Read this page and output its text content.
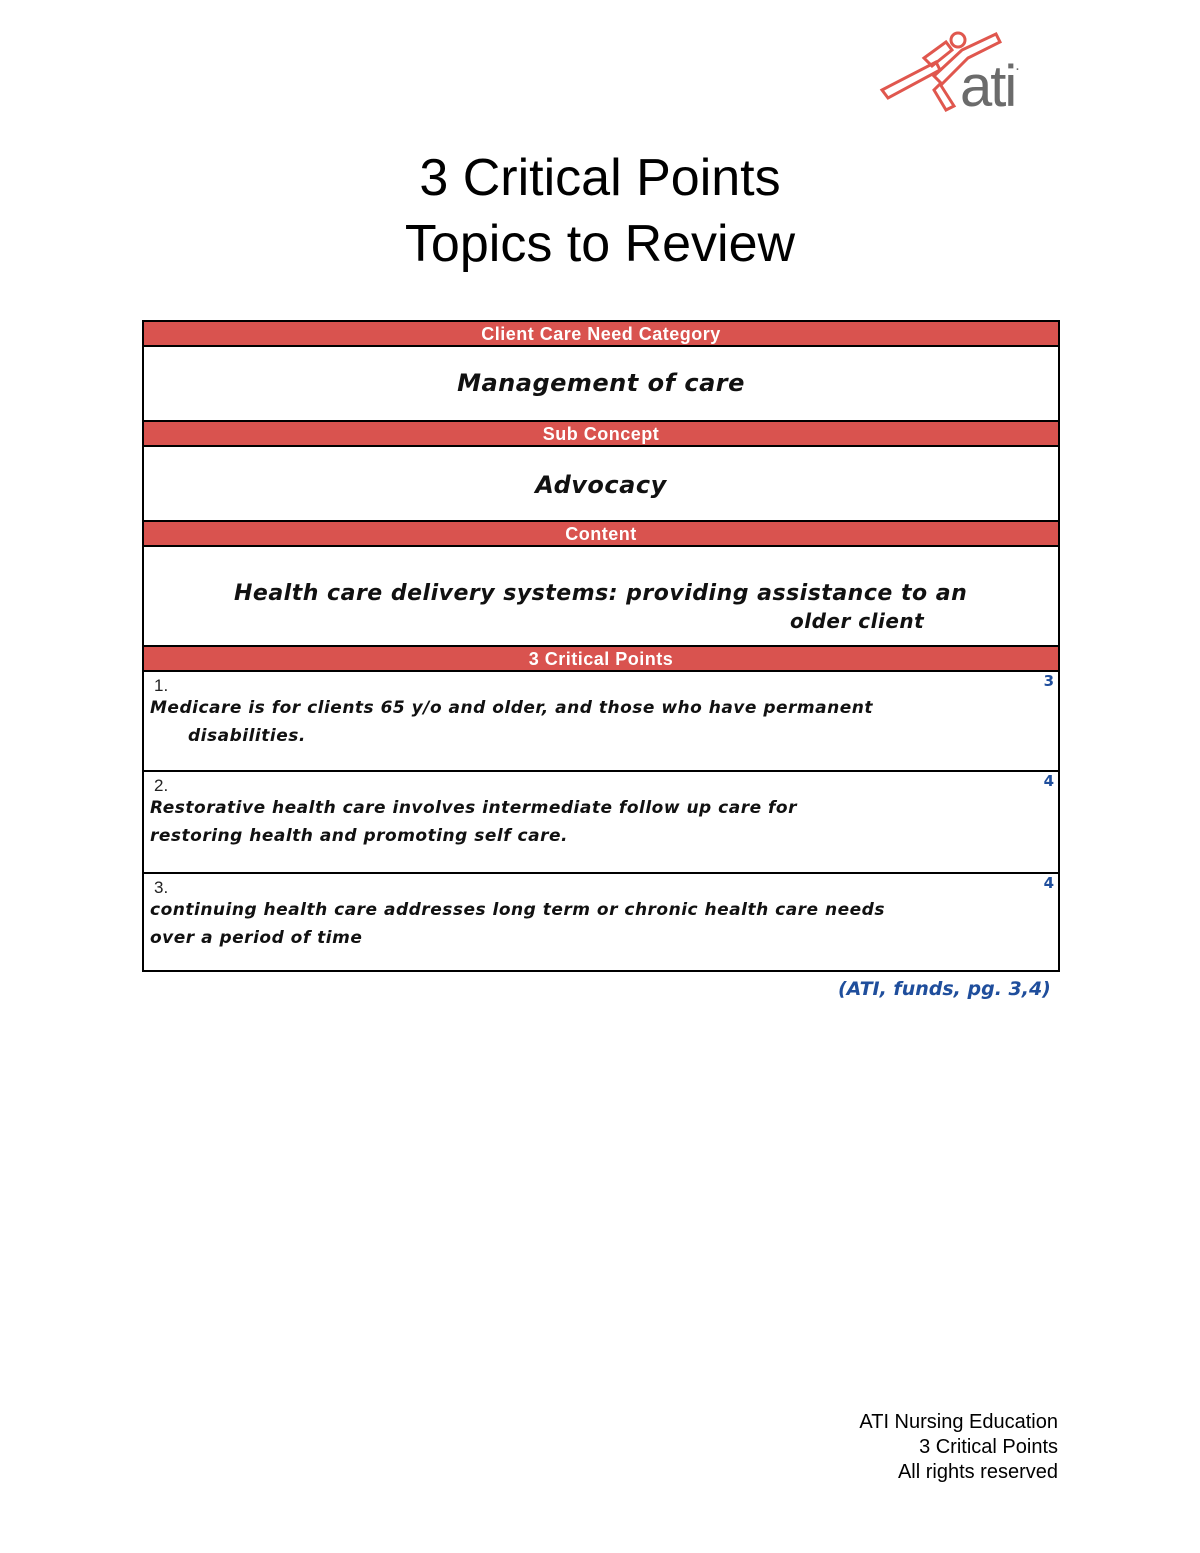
ati.
3 Critical Points
Topics to Review
Client Care Need Category
Management of care
Sub Concept
Advocacy
Content
Health care delivery systems: providing assistance to an
older client
3 Critical Points
1.	3
Medicare is for clients 65 y/o and older, and those who have permanent
disabilities.
2.	4
Restorative health care involves intermediate follow up care for
restoring health and promoting self care.
3.	4
continuing health care addresses long term or chronic health care needs
over a period of time
(ATI, funds, pg. 3,4)
ATI Nursing Education
3 Critical Points
All rights reserved
